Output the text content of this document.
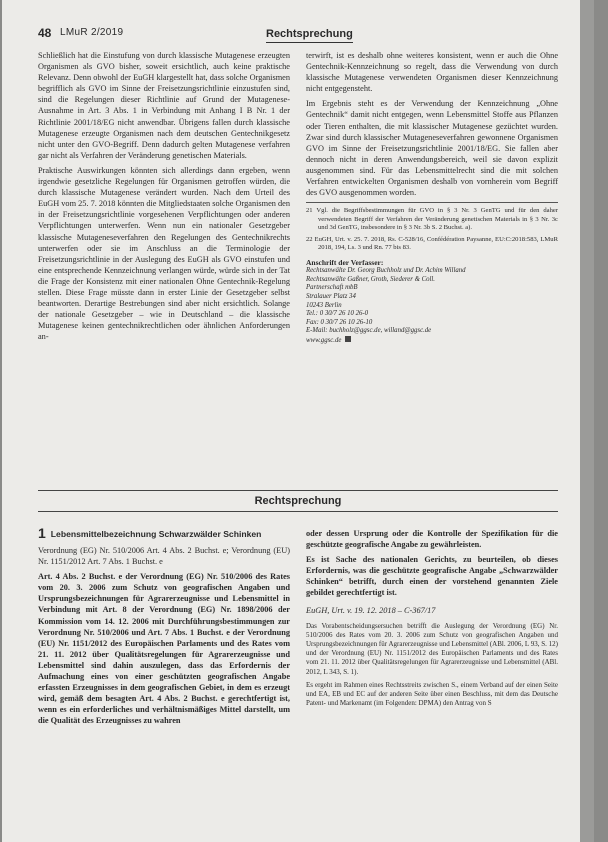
48 LMuR 2/2019	Rechtsprechung

Schließlich hat die Einstufung von durch klassische Mutagenese erzeugten Organismen als GVO bisher, soweit ersichtlich, auch keine praktische Relevanz. Denn obwohl der EuGH klargestellt hat, dass solche Organismen begrifflich als GVO im Sinne der Freisetzungsrichtlinie einzustufen sind, sind die Regelungen dieser Richtlinie auf Grund der Mutagenese-Ausnahme in Art. 3 Abs. 1 in Verbindung mit Anhang I B Nr. 1 der Richtlinie 2001/18/EG nicht anwendbar. Übrigens fallen durch klassische Mutagenese erzeugte Organismen nach dem deutschen Gentechnikgesetz nicht unter den GVO-Begriff. Denn dadurch gelten Mutagenese verfahren gar nicht als Verfahren der Veränderung genetischen Materials.

Praktische Auswirkungen könnten sich allerdings dann ergeben, wenn irgendwie gesetzliche Regelungen für Organismen getroffen würden, die durch klassische Mutagenese verändert wurden. Nach dem Urteil des EuGH vom 25. 7. 2018 könnten die Mitgliedstaaten solche Organismen den in der Freisetzungsrichtlinie vorgesehenen Verpflichtungen oder anderen Verpflichtungen unterwerfen. Wenn nun ein nationaler Gesetzgeber klassische Mutageneseverfahren den Regelungen des Gentechnikrechts unterwerfen oder sie im Anschluss an die Terminologie der Freisetzungsrichtlinie in der Auslegung des EuGH als GVO einstufen und eine entsprechende Kennzeichnung verlangen würde, würde sich in der Tat die Frage der Konsistenz mit einer nationalen Ohne Gentechnik-Regelung stellen. Diese Frage müsste dann in erster Linie der Gesetzgeber selbst beantworten. Derartige Bestrebungen sind aber nicht ersichtlich. Solange der nationale Gesetzgeber – wie in Deutschland – die klassische Mutagenese keinen gentechnikrechtlichen oder ähnlichen Anforderungen an-

terwirft, ist es deshalb ohne weiteres konsistent, wenn er auch die Ohne Gentechnik-Kennzeichnung so regelt, dass die Verwendung von durch klassische Mutagenese verwendeten Organismen dieser Kennzeichnung nicht entgegensteht.

Im Ergebnis steht es der Verwendung der Kennzeichnung „Ohne Gentechnik“ damit nicht entgegen, wenn Lebensmittel Stoffe aus Pflanzen oder Tieren enthalten, die mit klassischer Mutagenese gezüchtet wurden. Zwar sind durch klassischer Mutageneseverfahren gewonnene Organismen GVO im Sinne der Freisetzungsrichtlinie 2001/18/EG. Sie fallen aber dennoch nicht in deren Anwendungsbereich, weil sie davon explizit ausgenommen sind. Für das Lebensmittelrecht sind die mit solchen Verfahren entwickelten Organismen deshalb von vornherein vom Begriff des GVO ausgenommen worden.

21 Vgl. die Begriffsbestimmungen für GVO in § 3 Nr. 3 GenTG und für den daher verwendeten Begriff der Verfahren der Veränderung genetischen Materials in § 3 Nr. 3c und 3d GenTG, insbesondere in § 3 Nr. 3b S. 2 Buchst. a).

22 EuGH, Urt. v. 25. 7. 2018, Rs. C-528/16, Confédération Paysanne, EU:C:2018:583, LMuR 2018, 194, Ls. 3 und Rn. 77 bis 83.

Anschrift der Verfasser:
Rechtsanwälte Dr. Georg Buchholz und Dr. Achim Willand
Rechtsanwälte Gaßner, Groth, Siederer & Coll.
Partnerschaft mbB
Stralauer Platz 34
10243 Berlin
Tel.: 0 30/7 26 10 26-0
Fax: 0 30/7 26 10 26-10
E-Mail: buchholz@ggsc.de, willand@ggsc.de
www.ggsc.de
Rechtsprechung
1 Lebensmittelbezeichnung Schwarzwälder Schinken

Verordnung (EG) Nr. 510/2006 Art. 4 Abs. 2 Buchst. e; Verordnung (EU) Nr. 1151/2012 Art. 7 Abs. 1 Buchst. e

Art. 4 Abs. 2 Buchst. e der Verordnung (EG) Nr. 510/2006 des Rates vom 20. 3. 2006 zum Schutz von geografischen Angaben und Ursprungsbezeichnungen für Agrarerzeugnisse und Lebensmittel in Verbindung mit Art. 8 der Verordnung (EG) Nr. 1898/2006 der Kommission vom 14. 12. 2006 mit Durchführungsbestimmungen zur Verordnung Nr. 510/2006 und Art. 7 Abs. 1 Buchst. e der Verordnung (EU) Nr. 1151/2012 des Europäischen Parlaments und des Rates vom 21. 11. 2012 über Qualitätsregelungen für Agrarerzeugnisse und Lebensmittel sind dahin auszulegen, dass das Erfordernis der Aufmachung eines von einer geschützten geografischen Angabe erfassten Erzeugnisses in dem geografischen Gebiet, in dem es erzeugt wird, gemäß dem besagten Art. 4 Abs. 2 Buchst. e gerechtfertigt ist, wenn es ein erforderliches und verhältnismäßiges Mittel darstellt, um die Qualität des Erzeugnisses zu wahren

oder dessen Ursprung oder die Kontrolle der Spezifikation für die geschützte geografische Angabe zu gewährleisten.

Es ist Sache des nationalen Gerichts, zu beurteilen, ob dieses Erfordernis, was die geschützte geografische Angabe „Schwarzwälder Schinken“ betrifft, durch einen der vorstehend genannten Ziele gebildet gerechtfertigt ist.

EuGH, Urt. v. 19. 12. 2018 – C-367/17

Das Vorabentscheidungsersuchen betrifft die Auslegung der Verordnung (EG) Nr. 510/2006 des Rates vom 20. 3. 2006 zum Schutz von geografischen Angaben und Ursprungsbezeichnungen für Agrarerzeugnisse und Lebensmittel (ABl. 2006, L 93, S. 12) und der Verordnung (EU) Nr. 1151/2012 des Europäischen Parlaments und des Rates vom 21. 11. 2012 über Qualitätsregelungen für Agrarerzeugnisse und Lebensmittel (ABl. 2012, L 343, S. 1).

Es ergeht im Rahmen eines Rechtsstreits zwischen S., einem Verband auf der einen Seite und EA, EB und EC auf der anderen Seite über einen Beschluss, mit dem das Deutsche Patent- und Markenamt (im Folgenden: DPMA) den Antrag von S
